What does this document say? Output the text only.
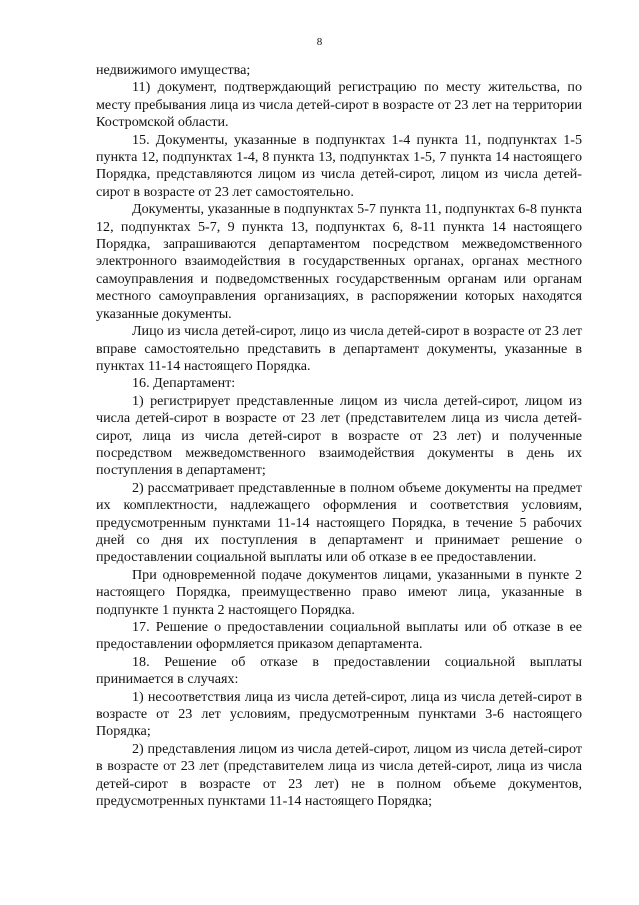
8

недвижимого имущества;

11) документ, подтверждающий регистрацию по месту жительства, по месту пребывания лица из числа детей-сирот в возрасте от 23 лет на территории Костромской области.

15. Документы, указанные в подпунктах 1-4 пункта 11, подпунктах 1-5 пункта 12, подпунктах 1-4, 8 пункта 13, подпунктах 1-5, 7 пункта 14 настоящего Порядка, представляются лицом из числа детей-сирот, лицом из числа детей-сирот в возрасте от 23 лет самостоятельно.

Документы, указанные в подпунктах 5-7 пункта 11, подпунктах 6-8 пункта 12, подпунктах 5-7, 9 пункта 13, подпунктах 6, 8-11 пункта 14 настоящего Порядка, запрашиваются департаментом посредством межведомственного электронного взаимодействия в государственных органах, органах местного самоуправления и подведомственных государственным органам или органам местного самоуправления организациях, в распоряжении которых находятся указанные документы.

Лицо из числа детей-сирот, лицо из числа детей-сирот в возрасте от 23 лет вправе самостоятельно представить в департамент документы, указанные в пунктах 11-14 настоящего Порядка.

16. Департамент:

1) регистрирует представленные лицом из числа детей-сирот, лицом из числа детей-сирот в возрасте от 23 лет (представителем лица из числа детей-сирот, лица из числа детей-сирот в возрасте от 23 лет) и полученные посредством межведомственного взаимодействия документы в день их поступления в департамент;

2) рассматривает представленные в полном объеме документы на предмет их комплектности, надлежащего оформления и соответствия условиям, предусмотренным пунктами 11-14 настоящего Порядка, в течение 5 рабочих дней со дня их поступления в департамент и принимает решение о предоставлении социальной выплаты или об отказе в ее предоставлении.

При одновременной подаче документов лицами, указанными в пункте 2 настоящего Порядка, преимущественно право имеют лица, указанные в подпункте 1 пункта 2 настоящего Порядка.

17. Решение о предоставлении социальной выплаты или об отказе в ее предоставлении оформляется приказом департамента.

18. Решение об отказе в предоставлении социальной выплаты принимается в случаях:

1) несоответствия лица из числа детей-сирот, лица из числа детей-сирот в возрасте от 23 лет условиям, предусмотренным пунктами 3-6 настоящего Порядка;

2) представления лицом из числа детей-сирот, лицом из числа детей-сирот в возрасте от 23 лет (представителем лица из числа детей-сирот, лица из числа детей-сирот в возрасте от 23 лет) не в полном объеме документов, предусмотренных пунктами 11-14 настоящего Порядка;
